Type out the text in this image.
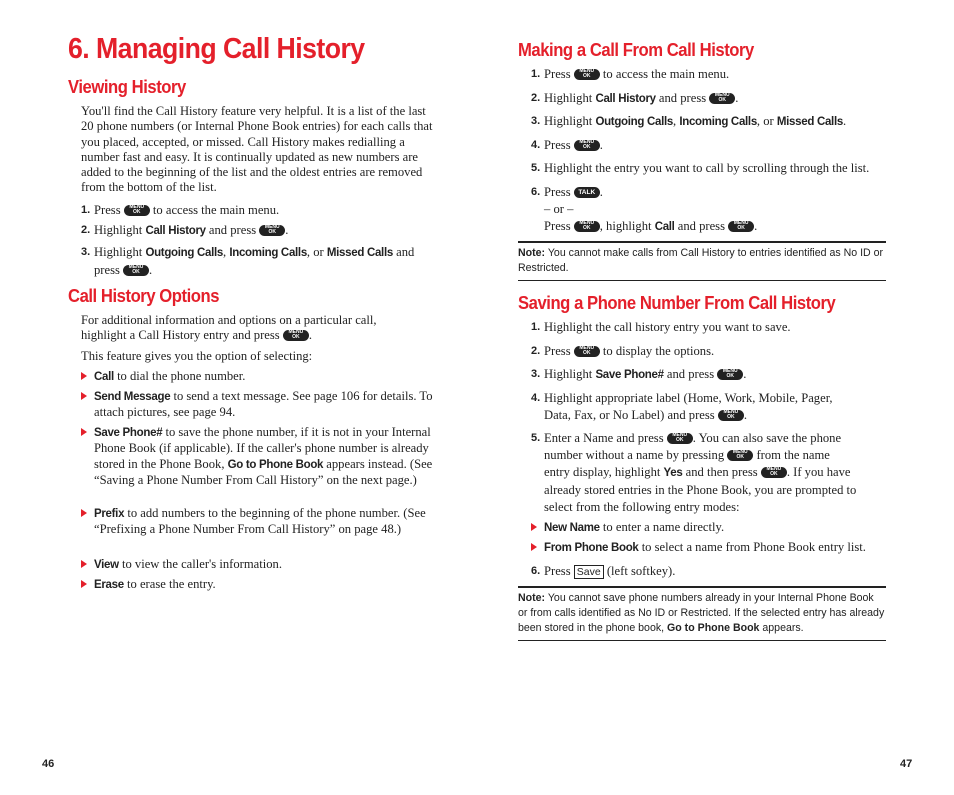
6. Managing Call History
Viewing History

You'll find the Call History feature very helpful. It is a list of the last 20 phone numbers (or Internal Phone Book entries) for each calls that you placed, accepted, or missed. Call History makes redialling a number fast and easy. It is continually updated as new numbers are added to the beginning of the list and the oldest entries are removed from the bottom of the list.

1. Press MENU
OK to access the main menu.
2. Highlight Call History and press MENU
OK .
3. Highlight Outgoing Calls, Incoming Calls, or Missed Calls and
press MENU
OK .
Call History Options

For additional information and options on a particular call, highlight a Call History entry and press MENU
OK .

This feature gives you the option of selecting:

Call to dial the phone number.
Send Message to send a text message. See page 106 for details. To attach pictures, see page 94.
Save Phone# to save the phone number, if it is not in your Internal Phone Book (if applicable). If the caller's phone number is already stored in the Phone Book, Go to Phone Book appears instead. (See “Saving a Phone Number From Call History” on the next page.)
Prefix to add numbers to the beginning of the phone number. (See “Prefixing a Phone Number From Call History” on page 48.)
View to view the caller's information.
Erase to erase the entry.
Making a Call From Call History
1. Press MENU
OK to access the main menu.
2. Highlight Call History and press MENU
OK .
3. Highlight Outgoing Calls, Incoming Calls, or Missed Calls.
4. Press MENU
OK .
5. Highlight the entry you want to call by scrolling through the list.
6. Press TALK .
– or –
Press MENU
OK , highlight Call and press MENU
OK .
Note: You cannot make calls from Call History to entries identified as No ID or Restricted.
Saving a Phone Number From Call History
1. Highlight the call history entry you want to save.
2. Press MENU
OK to display the options.
3. Highlight Save Phone# and press MENU
OK .
4. Highlight appropriate label (Home, Work, Mobile, Pager,
Data, Fax, or No Label) and press MENU
OK .
5. Enter a Name and press MENU
OK . You can also save the phone
number without a name by pressing MENU
OK from the name
entry display, highlight Yes and then press MENU
OK . If you have
already stored entries in the Phone Book, you are prompted to
select from the following entry modes:
New Name to enter a name directly.
From Phone Book to select a name from Phone Book entry list.
6. Press Save (left softkey).
Note: You cannot save phone numbers already in your Internal Phone Book or from calls identified as No ID or Restricted. If the selected entry has already been stored in the phone book, Go to Phone Book appears.
46	47
